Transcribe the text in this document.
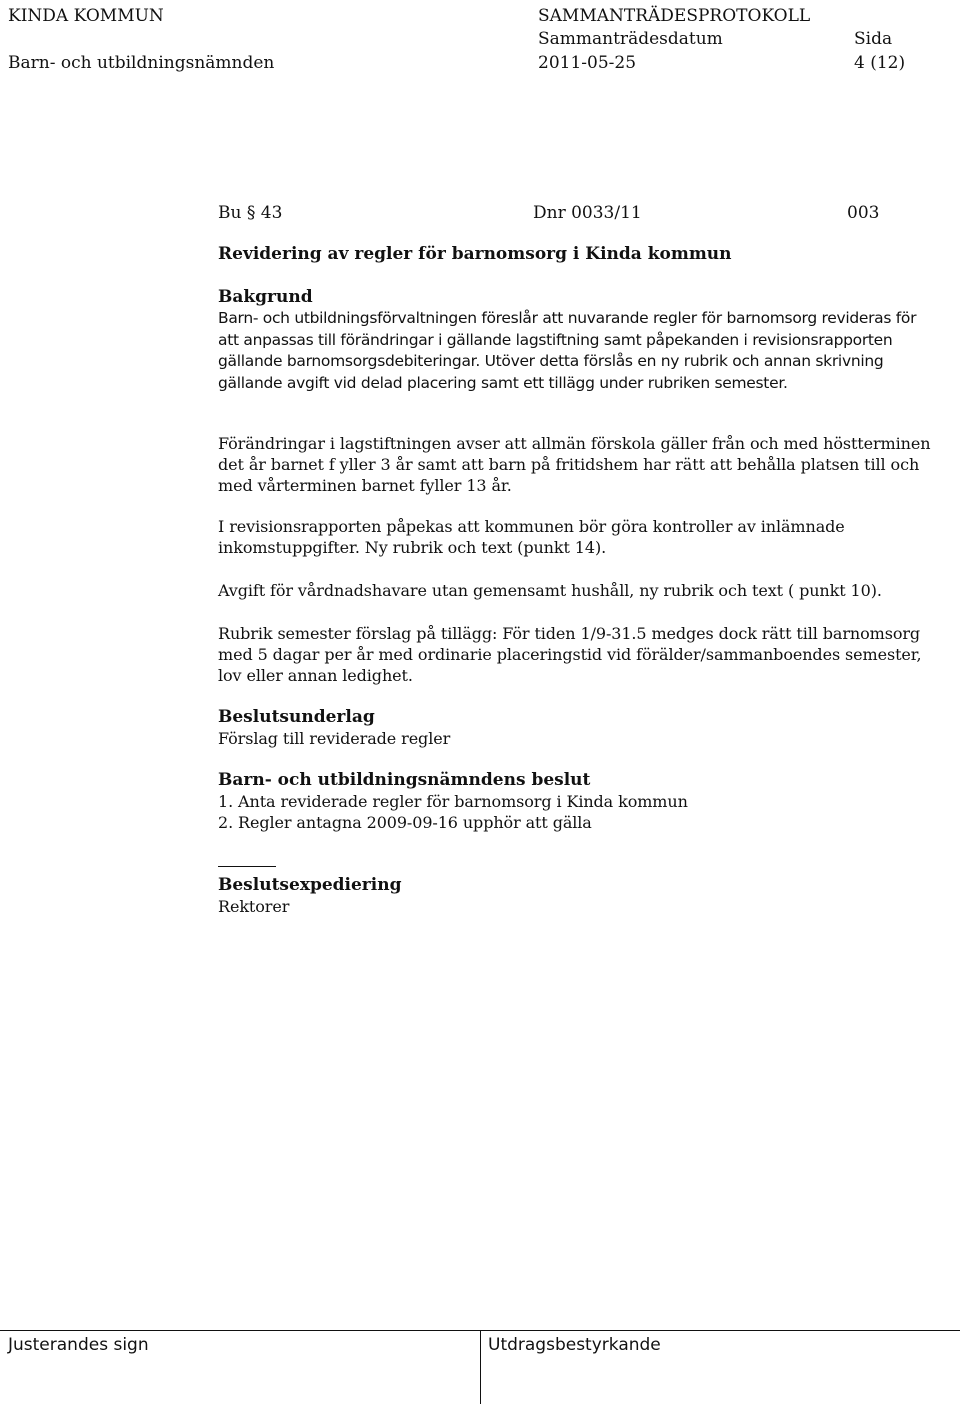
KINDA KOMMUN	SAMMANTRÄDESPROTOKOLL
Sammanträdesdatum	Sida
Barn- och utbildningsnämnden	2011-05-25	4 (12)
Bu § 43	Dnr 0033/11	003
Revidering av regler för barnomsorg i Kinda kommun
Bakgrund
Barn- och utbildningsförvaltningen föreslår att nuvarande regler för barnomsorg revideras för att anpassas till förändringar i gällande lagstiftning samt påpekanden i revisionsrapporten gällande barnomsorgsdebiteringar. Utöver detta förslås en ny rubrik och annan skrivning gällande avgift vid delad placering samt ett tillägg under rubriken semester.
Förändringar i lagstiftningen avser att allmän förskola gäller från och med höstterminen det år barnet f yller 3 år samt att barn på fritidshem har rätt att behålla platsen till och med vårterminen barnet fyller 13 år.
I revisionsrapporten påpekas att kommunen bör göra kontroller av inlämnade inkomstuppgifter. Ny rubrik och text (punkt 14).
Avgift för vårdnadshavare utan gemensamt hushåll, ny rubrik och text ( punkt 10).
Rubrik semester förslag på tillägg: För tiden 1/9-31.5 medges dock rätt till barnomsorg med 5 dagar per år med ordinarie placeringstid vid förälder/sammanboendes semester, lov eller annan ledighet.
Beslutsunderlag
Förslag till reviderade regler
Barn- och utbildningsnämndens beslut
1. Anta reviderade regler för barnomsorg i Kinda kommun
2. Regler antagna 2009-09-16 upphör att gälla
Beslutsexpediering
Rektorer
Justerandes sign	Utdragsbestyrkande
